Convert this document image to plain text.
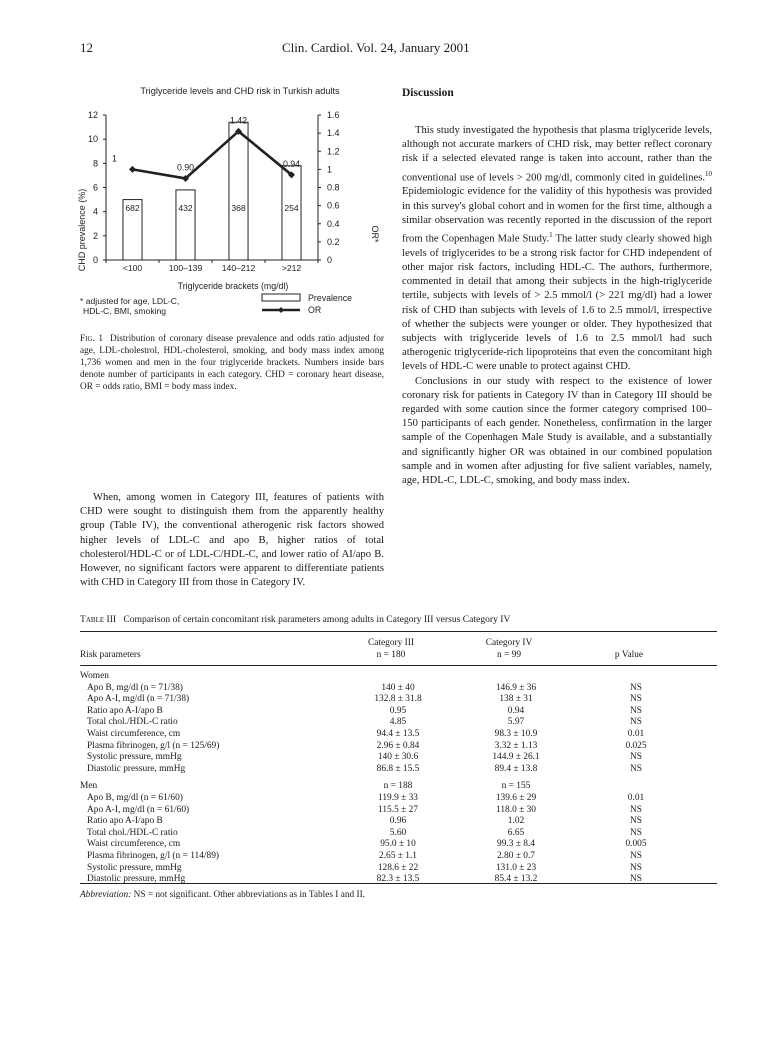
12	Clin. Cardiol. Vol. 24, January 2001
Triglyceride levels and CHD risk in Turkish adults
CHD prevalence (%)	OR*
0
2
4
6
8
10
12
0
0.2
0.4
0.6
0.8
1
1.2
1.4
1.6
<100	100–139 140–212	>212
682	432	368	254
1
0.90
1.42
0.94
Triglyceride brackets (mg/dl)
* adjusted for age, LDL-C,
HDL-C, BMI, smoking
Prevalence
OR
Fig. 1 Distribution of coronary disease prevalence and odds ratio adjusted for age, LDL-cholestrol, HDL-cholesterol, smoking, and body mass index among 1,736 women and men in the four triglyceride brackets. Numbers inside bars denote number of participants in each category. CHD = coronary heart disease, OR = odds ratio, BMI = body mass index.

When, among women in Category III, features of patients with CHD were sought to distinguish them from the apparently healthy group (Table IV), the conventional atherogenic risk factors showed higher levels of LDL-C and apo B, higher ratios of total cholesterol/HDL-C or of LDL-C/HDL-C, and lower ratio of AI/apo B. However, no significant factors were apparent to differentiate patients with CHD in Category III from those in Category IV.

Discussion

This study investigated the hypothesis that plasma triglyceride levels, although not accurate markers of CHD risk, may better reflect coronary risk if a selected elevated range is taken into account, rather than the conventional use of levels > 200 mg/dl, commonly cited in guidelines.$^{10}$ Epidemiologic evidence for the validity of this hypothesis was provided in this survey's global cohort and in women for the first time, although a similar observation was recently reported in the discussion of the report from the Copenhagen Male Study.$^1$ The latter study clearly showed high levels of triglycerides to be a strong risk factor for CHD independent of other major risk factors, including HDL-C. The authors, furthermore, commented in detail that among their subjects in the high-triglyceride tertile, subjects with levels of > 2.5 mmol/l (> 221 mg/dl) had a lower risk of CHD than subjects with levels of 1.6 to 2.5 mmol/l, irrespective of whether the subjects were younger or older. They hypothesized that subjects with triglyceride levels of 1.6 to 2.5 mmol/l had such atherogenic triglyceride-rich lipoproteins that even the concomitant high levels of HDL-C were unable to protect against CHD.

Conclusions in our study with respect to the existence of lower coronary risk for patients in Category IV than in Category III should be regarded with some caution since the former category comprised 100–150 participants of each gender. Nonetheless, confirmation in the larger sample of the Copenhagen Male Study is available, and a substantially and significantly higher OR was obtained in our combined population sample and in women after adjusting for five salient variables, namely, age, HDL-C, LDL-C, smoking, and body mass index.

Table III Comparison of certain concomitant risk parameters among adults in Category III versus Category IV
	Category III	Category IV	
Risk parameters	n = 180	n = 99	p Value
Women			
Apo B, mg/dl (n = 71/38)	140 ± 40	146.9 ± 36	NS
Apo A-I, mg/dl (n = 71/38)	132.8 ± 31.8	138 ± 31	NS
Ratio apo A-I/apo B	0.95	0.94	NS
Total chol./HDL-C ratio	4.85	5.97	NS
Waist circumference, cm	94.4 ± 13.5	98.3 ± 10.9	0.01
Plasma fibrinogen, g/l (n = 125/69)	2.96 ± 0.84	3.32 ± 1.13	0.025
Systolic pressure, mmHg	140 ± 30.6	144.9 ± 26.1	NS
Diastolic pressure, mmHg	86.8 ± 15.5	89.4 ± 13.8	NS

Men	n = 188	n = 155	
Apo B, mg/dl (n = 61/60)	119.9 ± 33	139.6 ± 29	0.01
Apo A-I, mg/dl (n = 61/60)	115.5 ± 27	118.0 ± 30	NS
Ratio apo A-I/apo B	0.96	1.02	NS
Total chol./HDL-C ratio	5.60	6.65	NS
Waist circumference, cm	95.0 ± 10	99.3 ± 8.4	0.005
Plasma fibrinogen, g/l (n = 114/89)	2.65 ± 1.1	2.80 ± 0.7	NS
Systolic pressure, mmHg	128.6 ± 22	131.0 ± 23	NS
Diastolic pressure, mmHg	82.3 ± 13.5	85.4 ± 13.2	NS
Abbreviation: NS = not significant. Other abbreviations as in Tables I and II.
